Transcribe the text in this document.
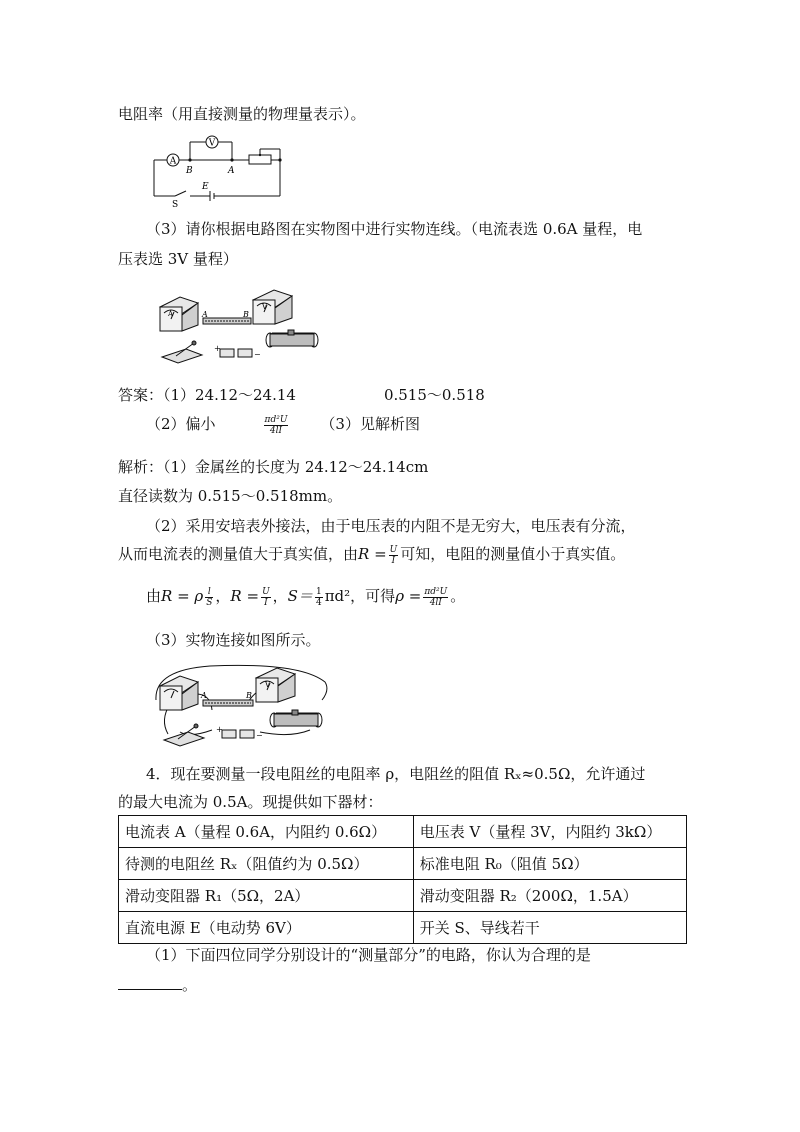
电阻率（用直接测量的物理量表示）。
A
V
B	A
E
S
（3）请你根据电路图在实物图中进行实物连线。（电流表选 0.6A 量程，电
压表选 3V 量程）
A	B
V
A
+
−
答案：（1）24.12～24.14	0.515～0.518
（2）偏小	$\frac{\text{πd²U}}{4lI} (3)$见解析图
解析：（1）金属丝的长度为 24.12～24.14cm
直径读数为 0.515～0.518mm。
（2）采用安培表外接法，由于电压表的内阻不是无穷大，电压表有分流，
从而电流表的测量值大于真实值，由$R = \frac{U}{I}$ 可知，电阻的测量值小于真实值。
由R = ρ $\frac{l}{S}$ ，$R = \frac{U}{I}$ ，$S= \frac{1}{4} \pi d^2$，可得$\rho = \frac{\text{πd²U}}{4lI}$ 。
（3）实物连接如图所示。
A	B
V
+
−
4．现在要测量一段电阻丝的电阻率 ρ，电阻丝的阻值 Rₓ≈0.5Ω，允许通过
的最大电流为 0.5A。现提供如下器材：
电流表 A（量程 0.6A，内阻约 0.6Ω）	电压表 V（量程 3V，内阻约 3kΩ）
待测的电阻丝 Rₓ（阻值约为 0.5Ω）	标准电阻 R₀（阻值 5Ω）
滑动变阻器 R₁（5Ω，2A）	滑动变阻器 R₂（200Ω，1.5A）
直流电源 E（电动势 6V）	开关 S、导线若干
（1）下面四位同学分别设计的“测量部分”的电路，你认为合理的是
。
